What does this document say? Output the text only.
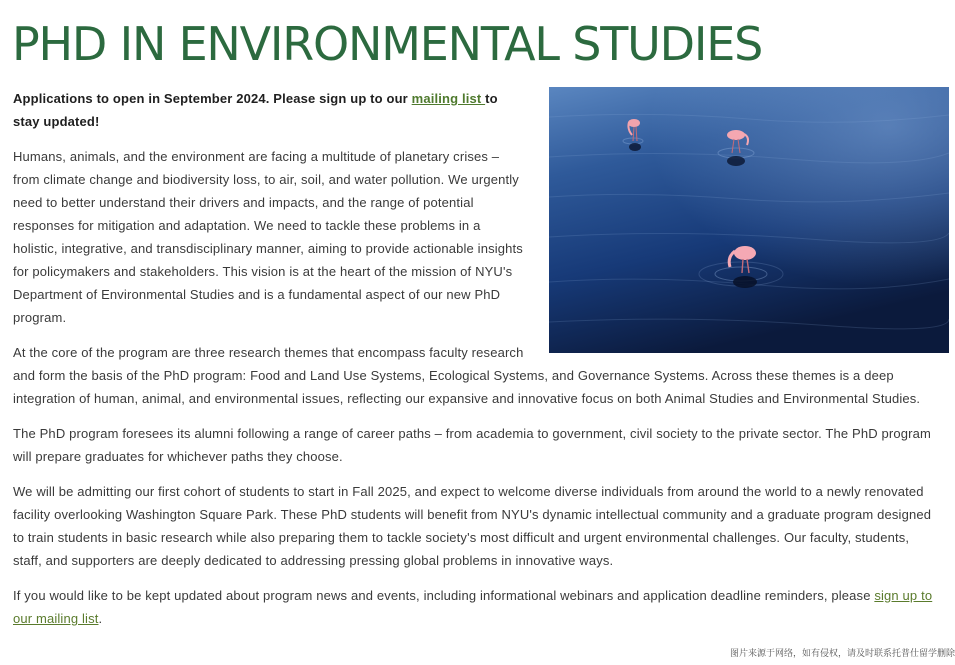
PHD IN ENVIRONMENTAL STUDIES

Applications to open in September 2024. Please sign up to our mailing list to stay updated!

Humans, animals, and the environment are facing a multitude of planetary crises – from climate change and biodiversity loss, to air, soil, and water pollution. We urgently need to better understand their drivers and impacts, and the range of potential responses for mitigation and adaptation. We need to tackle these problems in a holistic, integrative, and transdisciplinary manner, aiming to provide actionable insights for policymakers and stakeholders. This vision is at the heart of the mission of NYU's Department of Environmental Studies and is a fundamental aspect of our new PhD program.

At the core of the program are three research themes that encompass faculty research and form the basis of the PhD program: Food and Land Use Systems, Ecological Systems, and Governance Systems. Across these themes is a deep integration of human, animal, and environmental issues, reflecting our expansive and innovative focus on both Animal Studies and Environmental Studies.

The PhD program foresees its alumni following a range of career paths – from academia to government, civil society to the private sector. The PhD program will prepare graduates for whichever paths they choose.

We will be admitting our first cohort of students to start in Fall 2025, and expect to welcome diverse individuals from around the world to a newly renovated facility overlooking Washington Square Park. These PhD students will benefit from NYU's dynamic intellectual community and a graduate program designed to train students in basic research while also preparing them to tackle society's most difficult and urgent environmental challenges. Our faculty, students, staff, and supporters are deeply dedicated to addressing pressing global problems in innovative ways.

If you would like to be kept updated about program news and events, including informational webinars and application deadline reminders, please sign up to our mailing list.

图片来源于网络，如有侵权，请及时联系托普仕留学删除
